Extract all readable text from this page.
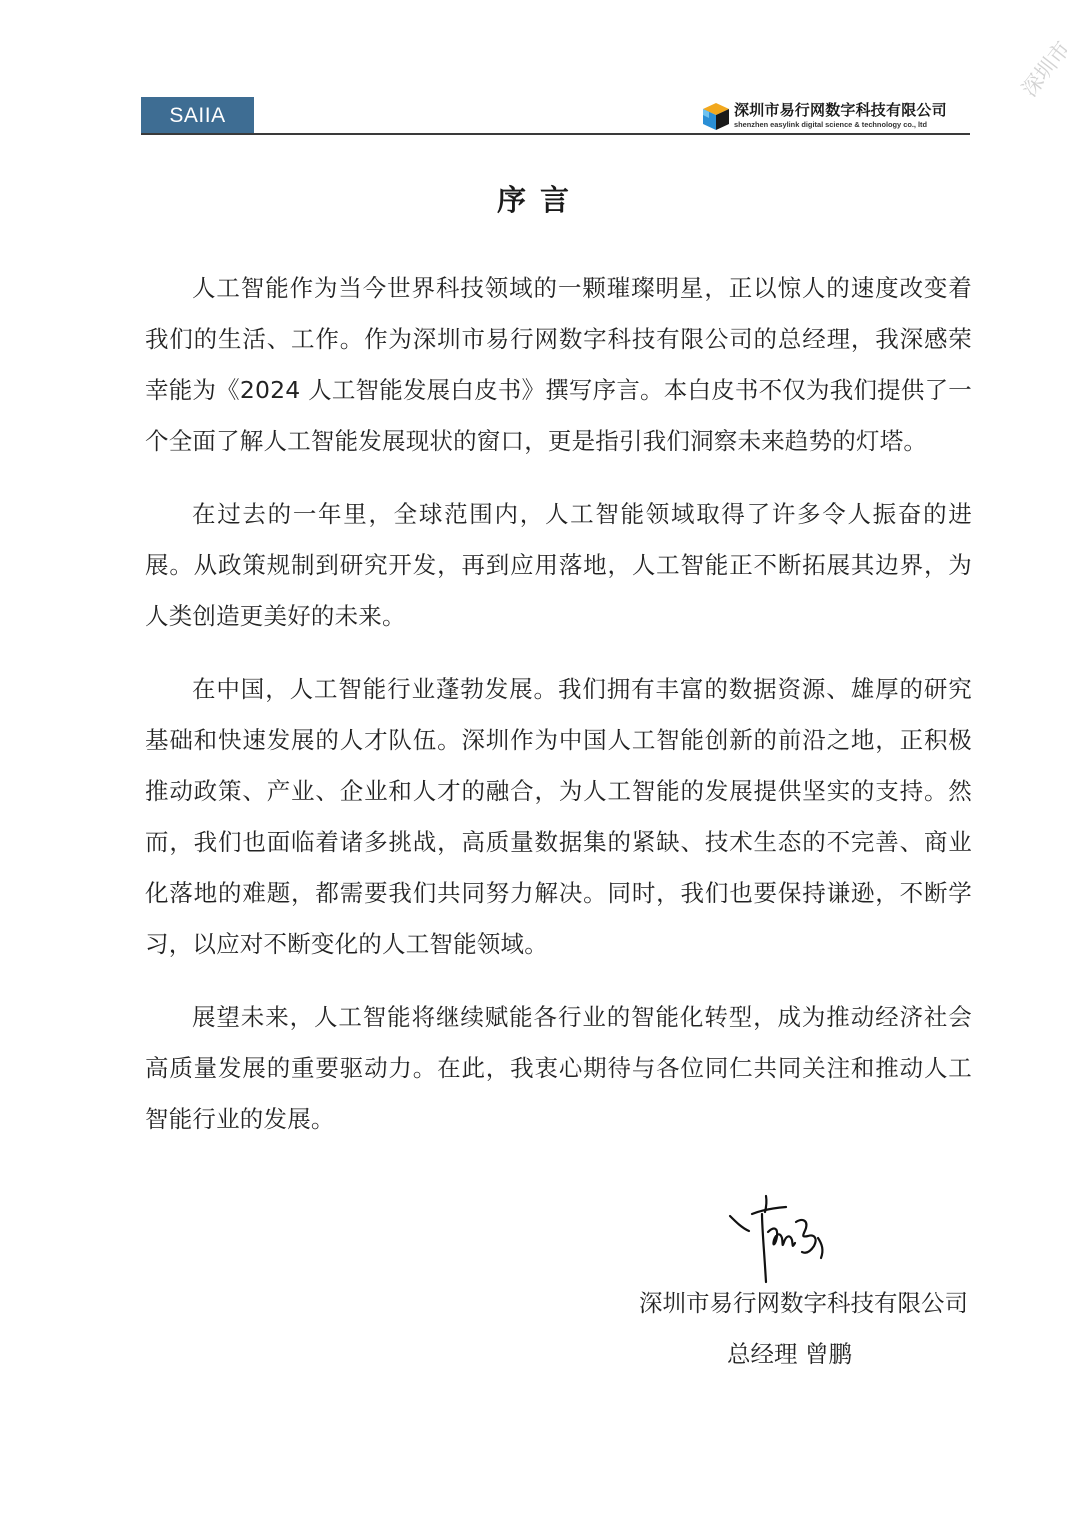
SAIIA	深圳市易行网数字科技有限公司
shenzhen easylink digital science & technology co., ltd
深圳市
序言

人工智能作为当今世界科技领域的一颗璀璨明星，正以惊人的速度改变着我们的生活、工作。作为深圳市易行网数字科技有限公司的总经理，我深感荣幸能为《2024 人工智能发展白皮书》撰写序言。本白皮书不仅为我们提供了一个全面了解人工智能发展现状的窗口，更是指引我们洞察未来趋势的灯塔。

在过去的一年里，全球范围内，人工智能领域取得了许多令人振奋的进展。从政策规制到研究开发，再到应用落地，人工智能正不断拓展其边界，为人类创造更美好的未来。

在中国，人工智能行业蓬勃发展。我们拥有丰富的数据资源、雄厚的研究基础和快速发展的人才队伍。深圳作为中国人工智能创新的前沿之地，正积极推动政策、产业、企业和人才的融合，为人工智能的发展提供坚实的支持。然而，我们也面临着诸多挑战，高质量数据集的紧缺、技术生态的不完善、商业化落地的难题，都需要我们共同努力解决。同时，我们也要保持谦逊，不断学习，以应对不断变化的人工智能领域。

展望未来，人工智能将继续赋能各行业的智能化转型，成为推动经济社会高质量发展的重要驱动力。在此，我衷心期待与各位同仁共同关注和推动人工智能行业的发展。

深圳市易行网数字科技有限公司
总经理 曾鹏
